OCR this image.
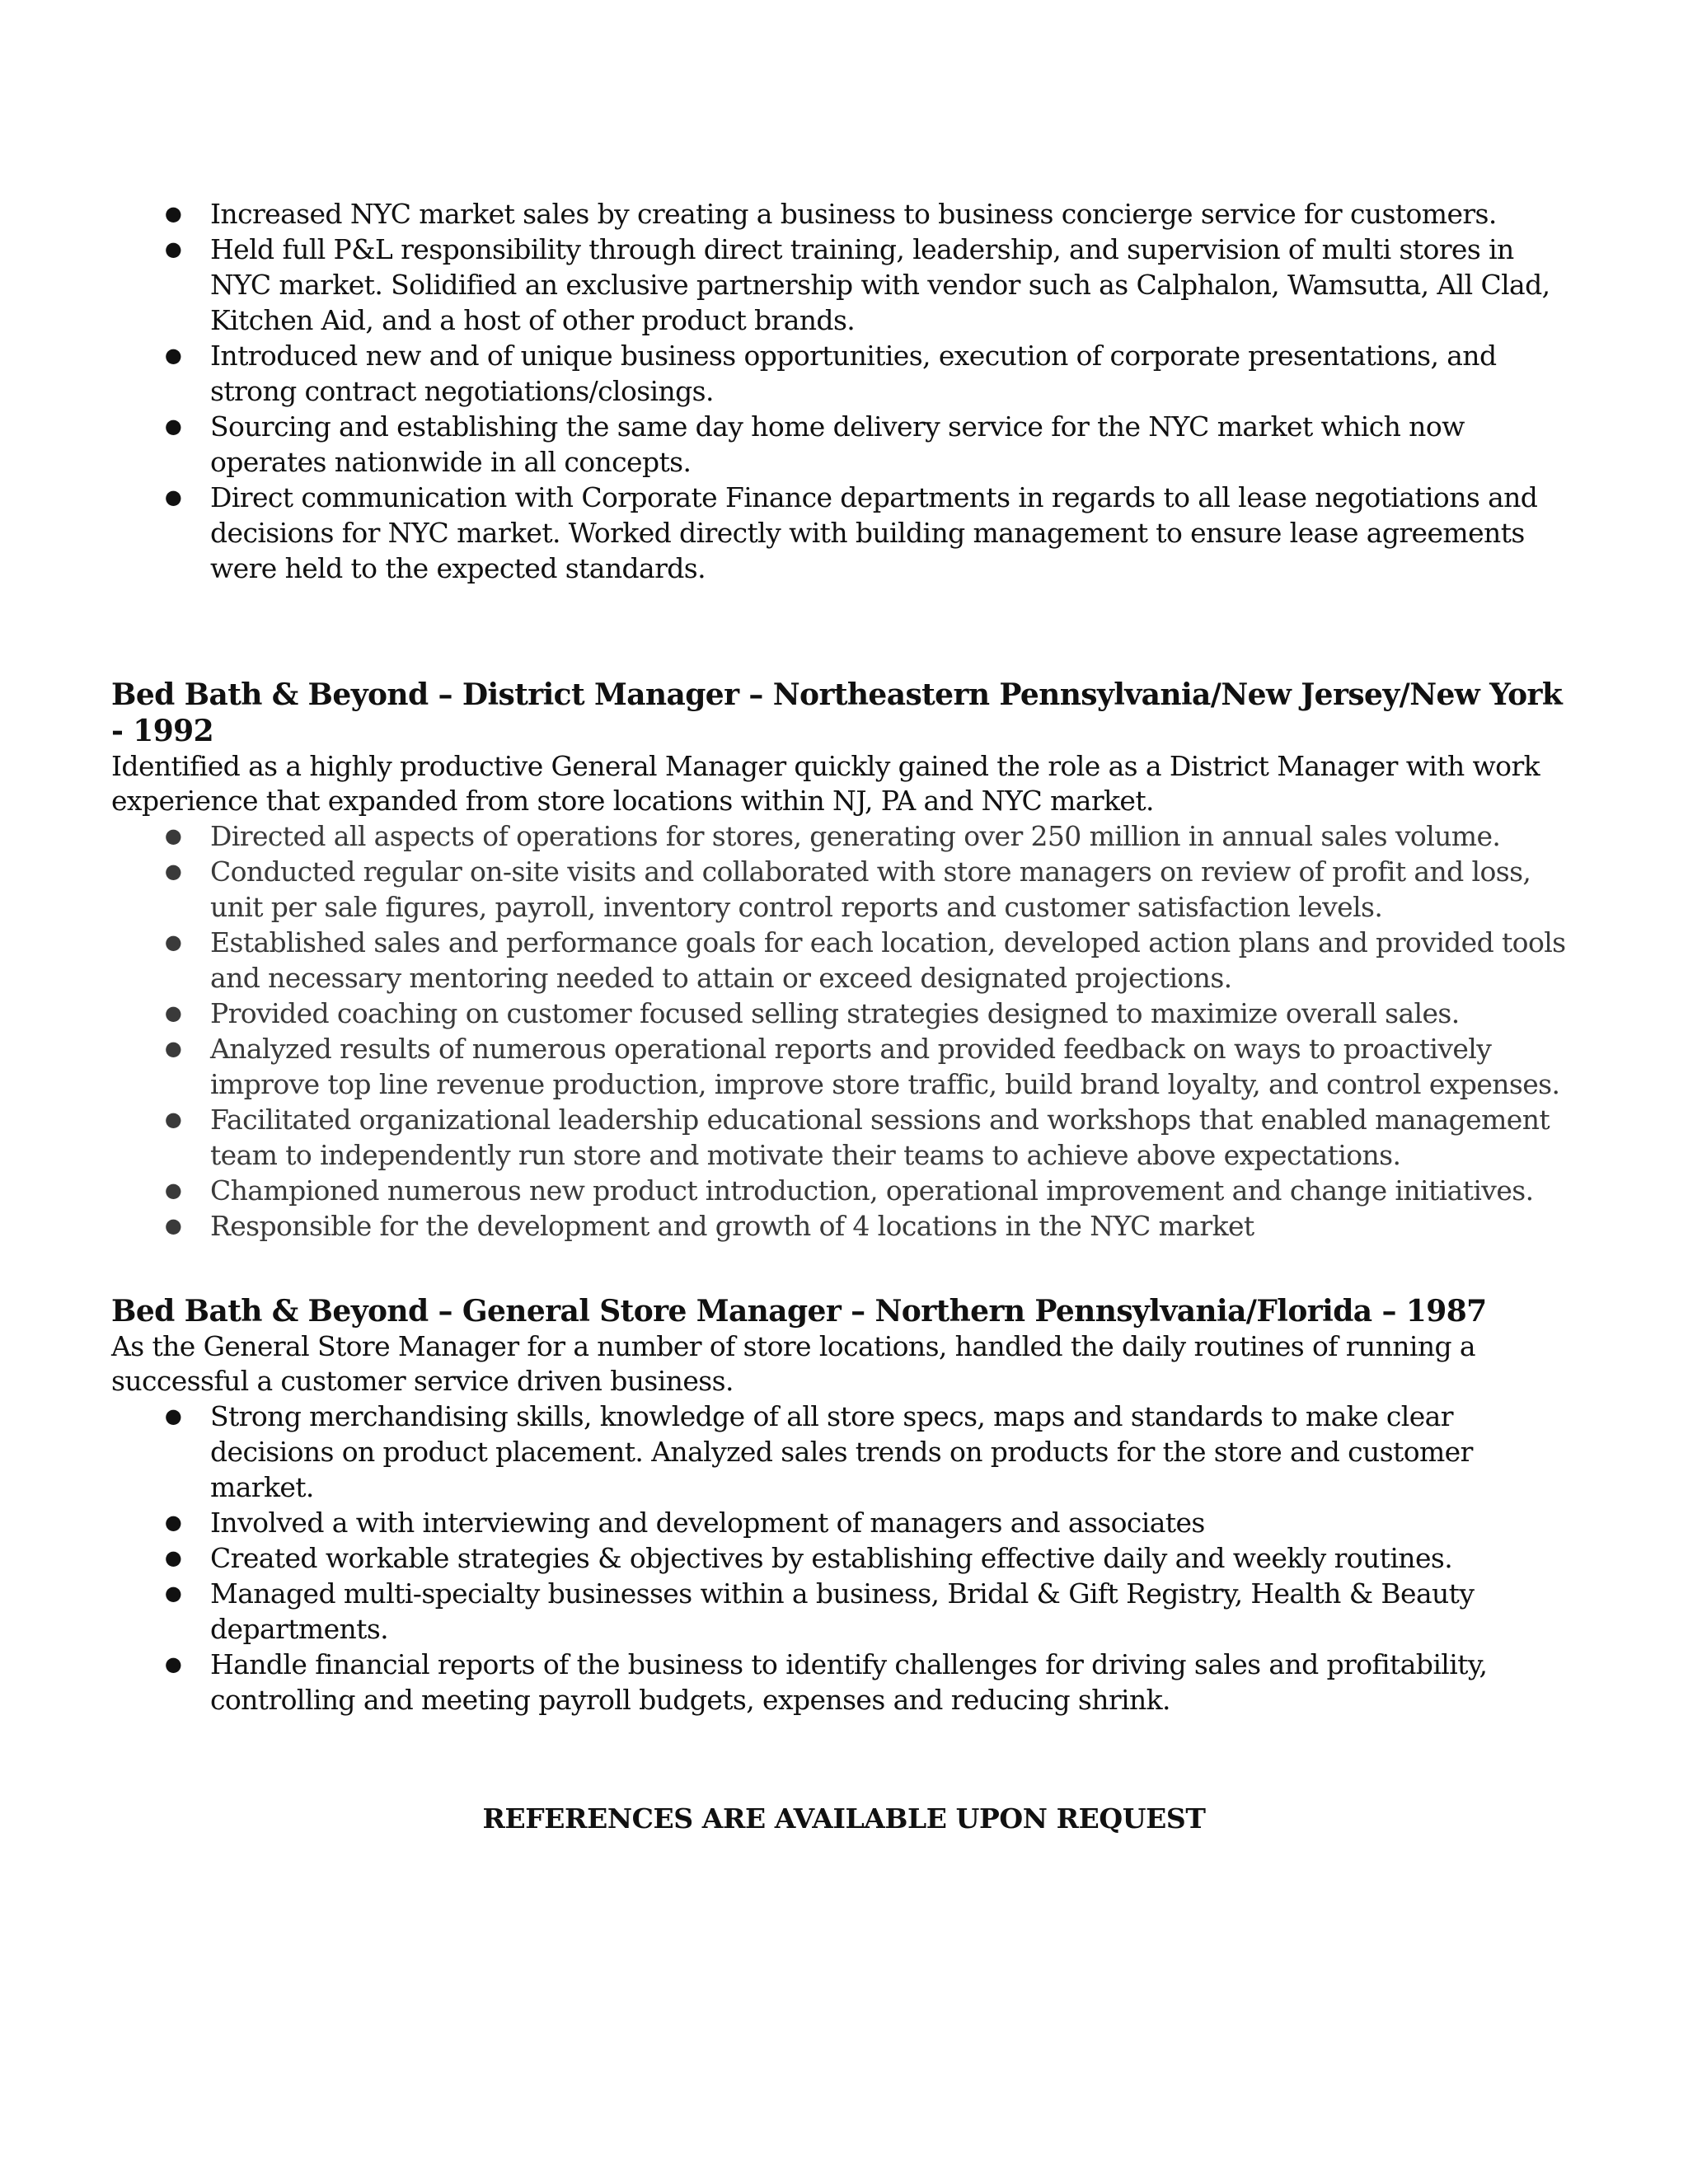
● Increased NYC market sales by creating a business to business concierge service for customers.
● Held full P&L responsibility through direct training, leadership, and supervision of multi stores in NYC market. Solidified an exclusive partnership with vendor such as Calphalon, Wamsutta, All Clad, Kitchen Aid, and a host of other product brands.
● Introduced new and of unique business opportunities, execution of corporate presentations, and strong contract negotiations/closings.
● Sourcing and establishing the same day home delivery service for the NYC market which now operates nationwide in all concepts.
● Direct communication with Corporate Finance departments in regards to all lease negotiations and decisions for NYC market. Worked directly with building management to ensure lease agreements were held to the expected standards.
Bed Bath & Beyond – District Manager – Northeastern Pennsylvania/New Jersey/New York - 1992

Identified as a highly productive General Manager quickly gained the role as a District Manager with work experience that expanded from store locations within NJ, PA and NYC market.

● Directed all aspects of operations for stores, generating over 250 million in annual sales volume.
● Conducted regular on-site visits and collaborated with store managers on review of profit and loss, unit per sale figures, payroll, inventory control reports and customer satisfaction levels.
● Established sales and performance goals for each location, developed action plans and provided tools and necessary mentoring needed to attain or exceed designated projections.
● Provided coaching on customer focused selling strategies designed to maximize overall sales.
● Analyzed results of numerous operational reports and provided feedback on ways to proactively improve top line revenue production, improve store traffic, build brand loyalty, and control expenses.
● Facilitated organizational leadership educational sessions and workshops that enabled management team to independently run store and motivate their teams to achieve above expectations.
● Championed numerous new product introduction, operational improvement and change initiatives.
● Responsible for the development and growth of 4 locations in the NYC market
Bed Bath & Beyond – General Store Manager – Northern Pennsylvania/Florida – 1987

As the General Store Manager for a number of store locations, handled the daily routines of running a successful a customer service driven business.

● Strong merchandising skills, knowledge of all store specs, maps and standards to make clear decisions on product placement. Analyzed sales trends on products for the store and customer market.
● Involved a with interviewing and development of managers and associates
● Created workable strategies & objectives by establishing effective daily and weekly routines.
● Managed multi-specialty businesses within a business, Bridal & Gift Registry, Health & Beauty departments.
● Handle financial reports of the business to identify challenges for driving sales and profitability, controlling and meeting payroll budgets, expenses and reducing shrink.

REFERENCES ARE AVAILABLE UPON REQUEST
